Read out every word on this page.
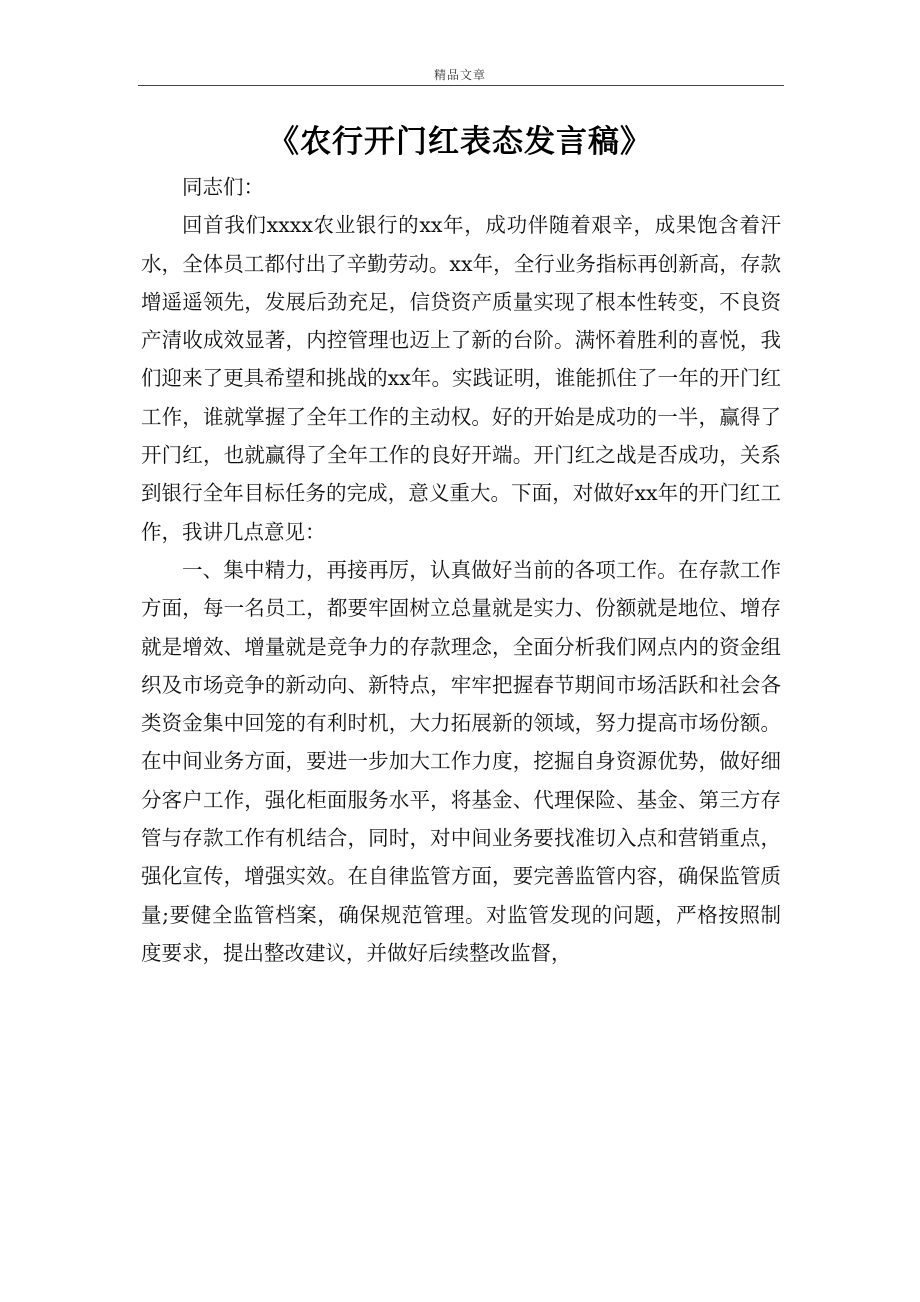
精品文章
《农行开门红表态发言稿》

同志们：

回首我们xxxx农业银行的xx年，成功伴随着艰辛，成果饱含着汗水，全体员工都付出了辛勤劳动。xx年，全行业务指标再创新高，存款增遥遥领先，发展后劲充足，信贷资产质量实现了根本性转变，不良资产清收成效显著，内控管理也迈上了新的台阶。满怀着胜利的喜悦，我们迎来了更具希望和挑战的xx年。实践证明，谁能抓住了一年的开门红工作，谁就掌握了全年工作的主动权。好的开始是成功的一半，赢得了开门红，也就赢得了全年工作的良好开端。开门红之战是否成功，关系到银行全年目标任务的完成，意义重大。下面，对做好xx年的开门红工作，我讲几点意见：

一、集中精力，再接再厉，认真做好当前的各项工作。在存款工作方面，每一名员工，都要牢固树立总量就是实力、份额就是地位、增存就是增效、增量就是竞争力的存款理念，全面分析我们网点内的资金组织及市场竞争的新动向、新特点，牢牢把握春节期间市场活跃和社会各类资金集中回笼的有利时机，大力拓展新的领域，努力提高市场份额。在中间业务方面，要进一步加大工作力度，挖掘自身资源优势，做好细分客户工作，强化柜面服务水平，将基金、代理保险、基金、第三方存管与存款工作有机结合，同时，对中间业务要找准切入点和营销重点，强化宣传，增强实效。在自律监管方面，要完善监管内容，确保监管质量;要健全监管档案，确保规范管理。对监管发现的问题，严格按照制度要求，提出整改建议，并做好后续整改监督，
